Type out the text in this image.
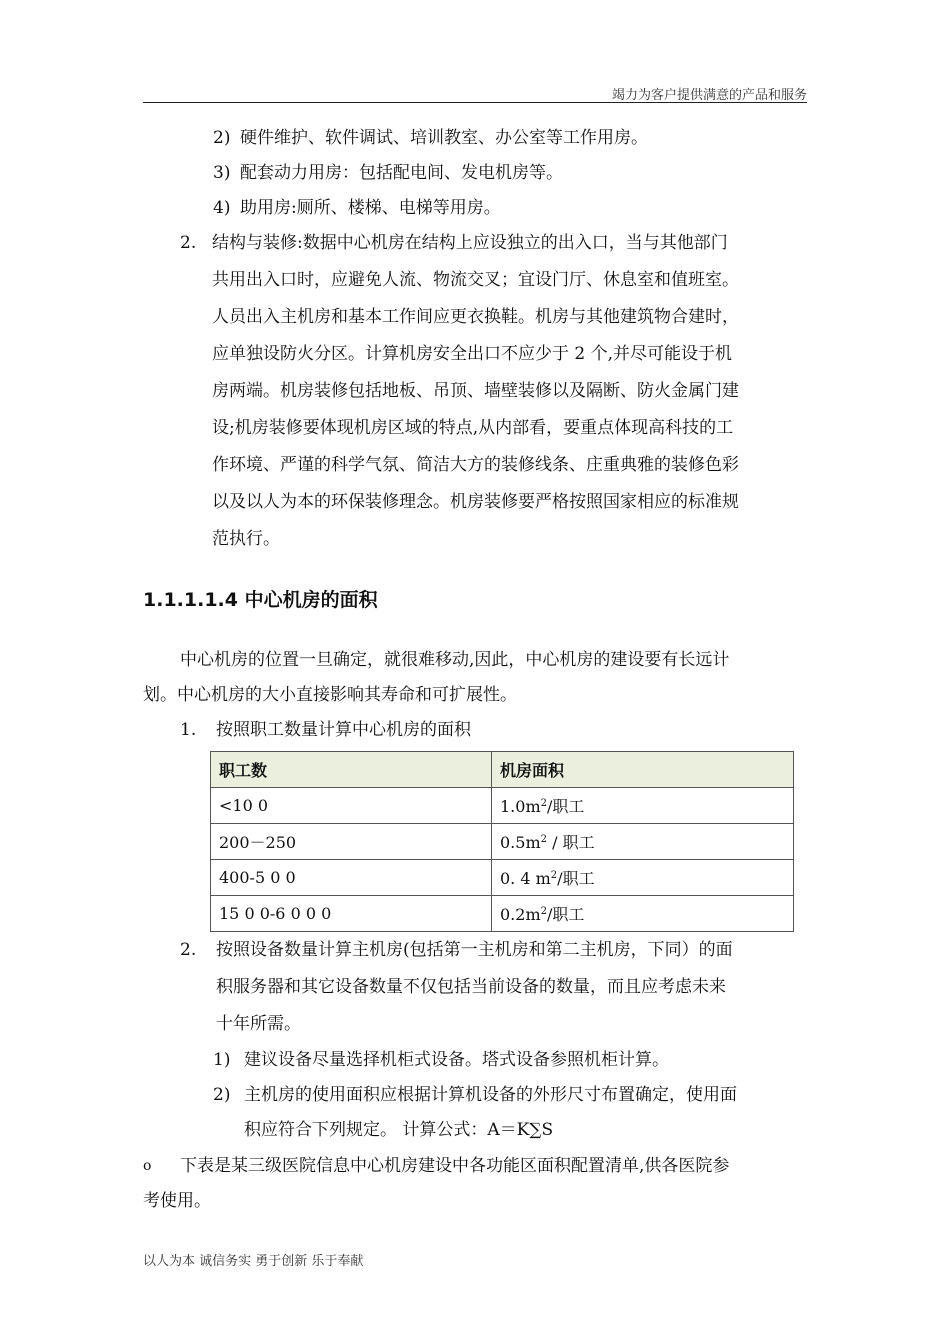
竭力为客户提供满意的产品和服务
2) 硬件维护、软件调试、培训教室、办公室等工作用房。
3) 配套动力用房：包括配电间、发电机房等。
4) 助用房:厕所、楼梯、电梯等用房。
2. 结构与装修:数据中心机房在结构上应设独立的出入口，当与其他部门
共用出入口时，应避免人流、物流交叉；宜设门厅、休息室和值班室。
人员出入主机房和基本工作间应更衣换鞋。机房与其他建筑物合建时，
应单独设防火分区。计算机房安全出口不应少于 2 个,并尽可能设于机
房两端。机房装修包括地板、吊顶、墙壁装修以及隔断、防火金属门建
设;机房装修要体现机房区域的特点,从内部看，要重点体现高科技的工
作环境、严谨的科学气氛、简洁大方的装修线条、庄重典雅的装修色彩
以及以人为本的环保装修理念。机房装修要严格按照国家相应的标准规
范执行。
1.1.1.1.4 中心机房的面积
中心机房的位置一旦确定，就很难移动,因此，中心机房的建设要有长远计
划。中心机房的大小直接影响其寿命和可扩展性。
1. 按照职工数量计算中心机房的面积
职工数	机房面积
<10 0	$1.0m^2/$职工
200－250	$0.5m^2$ / 职工
400-5 0 0	0. 4 $m^2/$职工
15 0 0-6 0 0 0	$0.2m^2/$职工
2. 按照设备数量计算主机房(包括第一主机房和第二主机房，下同）的面
积服务器和其它设备数量不仅包括当前设备的数量，而且应考虑未来
十年所需。
1) 建议设备尽量选择机柜式设备。塔式设备参照机柜计算。
2) 主机房的使用面积应根据计算机设备的外形尺寸布置确定，使用面
积应符合下列规定。 计算公式：A＝K∑S
o 下表是某三级医院信息中心机房建设中各功能区面积配置清单,供各医院参
考使用。
以人为本 诚信务实 勇于创新 乐于奉献
